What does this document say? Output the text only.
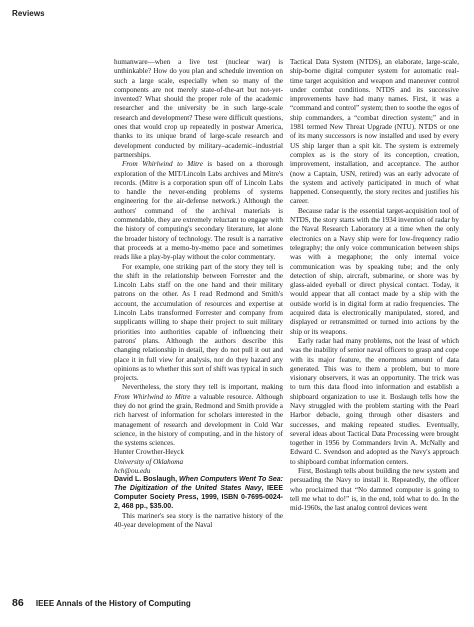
Reviews

humanware—when a live test (nuclear war) is unthinkable? How do you plan and schedule invention on such a large scale, especially when so many of the components are not merely state-of-the-art but not-yet-invented? What should the proper role of the academic researcher and the university be in such large-scale research and development? These were difficult questions, ones that would crop up repeatedly in postwar America, thanks to its unique brand of large-scale research and development conducted by military–academic–industrial partnerships.

From Whirlwind to Mitre is based on a thorough exploration of the MIT/Lincoln Labs archives and Mitre's records. (Mitre is a corporation spun off of Lincoln Labs to handle the never-ending problems of systems engineering for the air-defense network.) Although the authors' command of the archival materials is commendable, they are extremely reluctant to engage with the history of computing's secondary literature, let alone the broader history of technology. The result is a narrative that proceeds at a memo-by-memo pace and sometimes reads like a play-by-play without the color commentary.

For example, one striking part of the story they tell is the shift in the relationship between Forrester and the Lincoln Labs staff on the one hand and their military patrons on the other. As I read Redmond and Smith's account, the accumulation of resources and expertise at Lincoln Labs transformed Forrester and company from supplicants willing to shape their project to suit military priorities into authorities capable of influencing their patrons' plans. Although the authors describe this changing relationship in detail, they do not pull it out and place it in full view for analysis, nor do they hazard any opinions as to whether this sort of shift was typical in such projects.

Nevertheless, the story they tell is important, making From Whirlwind to Mitre a valuable resource. Although they do not grind the grain, Redmond and Smith provide a rich harvest of information for scholars interested in the management of research and development in Cold War science, in the history of computing, and in the history of the systems sciences.

Hunter Crowther-Heyck

University of Oklahoma

hch@ou.edu

David L. Boslaugh, When Computers Went To Sea: The Digitization of the United States Navy, IEEE Computer Society Press, 1999, ISBN 0-7695-0024-2, 468 pp., $35.00.

This mariner's sea story is the narrative history of the 40-year development of the Naval

Tactical Data System (NTDS), an elaborate, large-scale, ship-borne digital computer system for automatic real-time target acquisition and weapon and maneuver control under combat conditions. NTDS and its successive improvements have had many names. First, it was a “command and control” system; then to soothe the egos of ship commanders, a “combat direction system;” and in 1981 termed New Threat Upgrade (NTU). NTDS or one of its many successors is now installed and used by every US ship larger than a spit kit. The system is extremely complex as is the story of its conception, creation, improvement, installation, and acceptance. The author (now a Captain, USN, retired) was an early advocate of the system and actively participated in much of what happened. Consequently, the story recites and justifies his career.

Because radar is the essential target-acquisition tool of NTDS, the story starts with the 1934 invention of radar by the Naval Research Laboratory at a time when the only electronics on a Navy ship were for low-frequency radio telegraphy; the only voice communication between ships was with a megaphone; the only internal voice communication was by speaking tube; and the only detection of ship, aircraft, submarine, or shore was by glass-aided eyeball or direct physical contact. Today, it would appear that all contact made by a ship with the outside world is in digital form at radio frequencies. The acquired data is electronically manipulated, stored, and displayed or retransmitted or turned into actions by the ship or its weapons.

Early radar had many problems, not the least of which was the inability of senior naval officers to grasp and cope with its major feature, the enormous amount of data generated. This was to them a problem, but to more visionary observers, it was an opportunity. The trick was to turn this data flood into information and establish a shipboard organization to use it. Boslaugh tells how the Navy struggled with the problem starting with the Pearl Harbor debacle, going through other disasters and successes, and making repeated studies. Eventually, several ideas about Tactical Data Processing were brought together in 1956 by Commanders Irvin A. McNally and Edward C. Svendson and adopted as the Navy's approach to shipboard combat information centers.

First, Boslaugh tells about building the new system and persuading the Navy to install it. Repeatedly, the officer who proclaimed that “No damned computer is going to tell me what to do!” is, in the end, told what to do. In the mid-1960s, the last analog control devices went

86 IEEE Annals of the History of Computing
